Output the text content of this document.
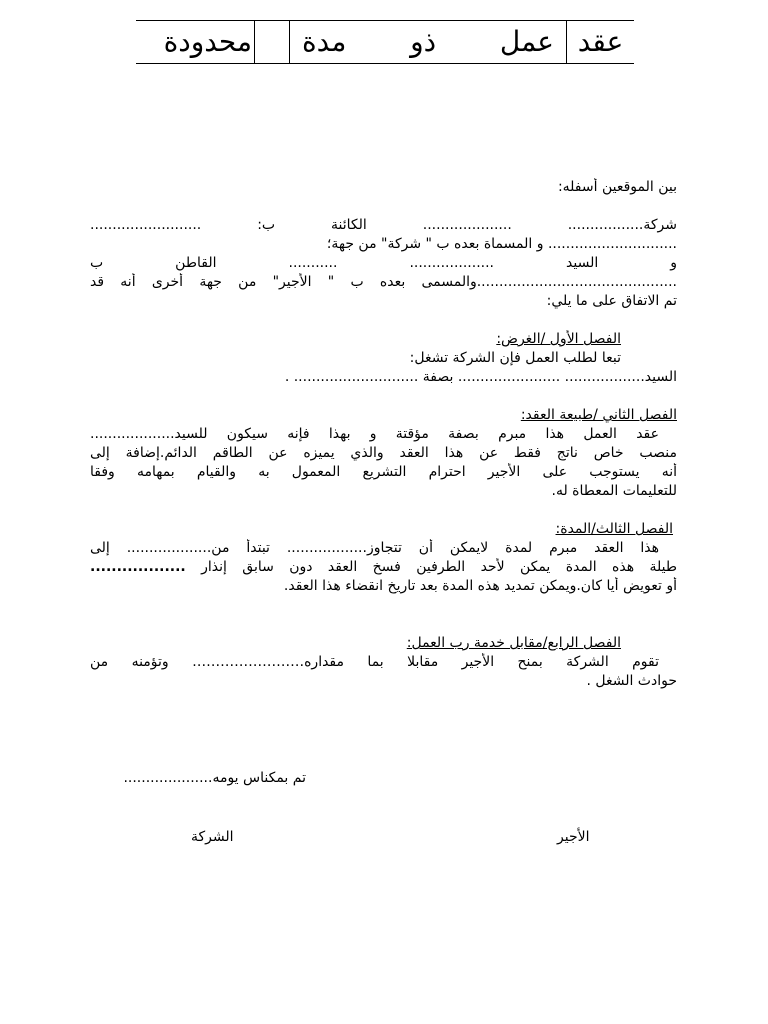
عقد
عمل
ذو
مدة
محدودة

بين الموقعين أسفله:

شركة................. .................... الكائنة ب: .........................

............................. و المسماة بعده ب " شركة" من جهة؛

و السيد ................... ........... القاطن ب

.............................................والمسمى بعده ب " الأجير" من جهة أخرى أنه قد

تم الاتفاق على ما يلي:

الفصل الأول /الغرض:

تبعا لطلب العمل فإن الشركة تشغل:

السيد.................. ....................... بصفة ............................ .

الفصل الثاني /طبيعة العقد:

عقد العمل هذا مبرم بصفة مؤقتة و بهذا فإنه سيكون للسيد...................

منصب خاص ناتج فقط عن هذا العقد والذي يميزه عن الطاقم الدائم.إضافة إلى

أنه يستوجب على الأجير احترام التشريع المعمول به والقيام بمهامه وفقا

للتعليمات المعطاة له.

الفصل الثالث/المدة:

هذا العقد مبرم لمدة لايمكن أن تتجاوز.................. تبتدأ من................... إلى

طيلة هذه المدة يمكن لأحد الطرفين فسخ العقد دون سابق إنذار ..................

أو تعويض أيا كان.ويمكن تمديد هذه المدة بعد تاريخ انقضاء هذا العقد.

الفصل الرابع/مقابل خدمة رب العمل:

تقوم الشركة بمنح الأجير مقابلا بما مقداره…………………… وتؤمنه من

حوادث الشغل .

تم بمكناس يومه....................
الأجير
الشركة
